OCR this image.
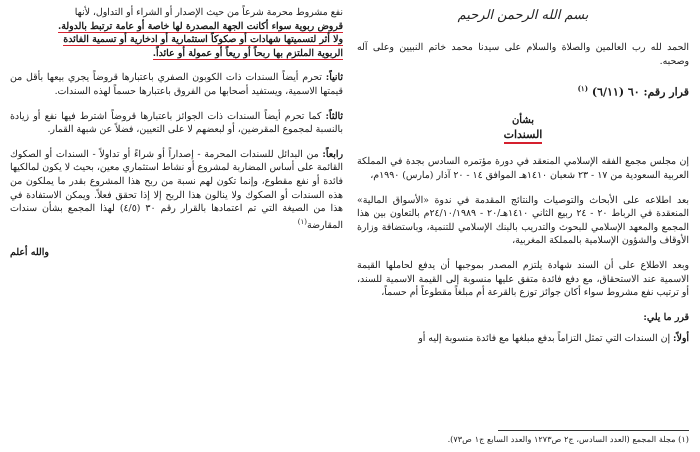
بسم الله الرحمن الرحيم

الحمد لله رب العالمين والصلاة والسلام على سيدنا محمد خاتم النبيين وعلى آله وصحبه.

قرار رقم: ٦٠ (٦/١١) $^{(١)}$

بشأن
السندات

إن مجلس مجمع الفقه الإسلامي المنعقد في دورة مؤتمره السادس بجدة في المملكة العربية السعودية من ١٧ - ٢٣ شعبان ١٤١٠هـ الموافق ١٤ - ٢٠ آذار (مارس) ١٩٩٠م،

بعد اطلاعه على الأبحاث والتوصيات والنتائج المقدمة في ندوة «الأسواق المالية» المنعقدة في الرباط ٢٠ - ٢٤ ربيع الثاني ١٤١٠هـ/٢٠ - ٢٤/١٠/١٩٨٩م بالتعاون بين هذا المجمع والمعهد الإسلامي للبحوث والتدريب بالبنك الإسلامي للتنمية، وباستضافة وزارة الأوقاف والشؤون الإسلامية بالمملكة المغربية،

وبعد الاطلاع على أن السند شهادة يلتزم المصدر بموجبها أن يدفع لحاملها القيمة الاسمية عند الاستحقاق، مع دفع فائدة متفق عليها منسوبة إلى القيمة الاسمية للسند، أو ترتيب نفع مشروط سواء أكان جوائز توزع بالقرعة أم مبلغاً مقطوعاً أم حسماً،

قرر ما يلي:

أولاً: إن السندات التي تمثل التزاماً بدفع مبلغها مع فائدة منسوبة إليه أو

نفع مشروط محرمة شرعاً من حيث الإصدار أو الشراء أو التداول، لأنها

قروض ربوية سواء أكانت الجهة المصدرة لها خاصة أو عامة ترتبط بالدولة.

ولا أثر لتسميتها شهادات أو صكوكاً استثمارية أو ادخارية أو تسمية الفائدة

الربوية الملتزم بها ربحاً أو ريعاً أو عمولة أو عائداً.

ثانياً: تحرم أيضاً السندات ذات الكوبون الصفري باعتبارها قروضاً يجري بيعها بأقل من قيمتها الاسمية، ويستفيد أصحابها من الفروق باعتبارها حسماً لهذه السندات.

ثالثاً: كما تحرم أيضاً السندات ذات الجوائز باعتبارها قروضاً اشترط فيها نفع أو زيادة بالنسبة لمجموع المقرضين، أو لبعضهم لا على التعيين، فضلاً عن شبهة القمار.

رابعاً: من البدائل للسندات المحرمة - إصداراً أو شراءً أو تداولاً - السندات أو الصكوك القائمة على أساس المضاربة لمشروع أو نشاط استثماري معين، بحيث لا يكون لمالكيها فائدة أو نفع مقطوع، وإنما تكون لهم نسبة من ربح هذا المشروع بقدر ما يملكون من هذه السندات أو الصكوك ولا ينالون هذا الربح إلا إذا تحقق فعلاً. ويمكن الاستفادة في هذا من الصيغة التي تم اعتمادها بالقرار رقم ٣٠ (٤/٥) لهذا المجمع بشأن سندات المقارضة$^{(١)}$

والله أعلم

(١) مجلة المجمع (العدد السادس، ج٢ ص١٢٧٣ والعدد السابع ج١ ص٧٣).
